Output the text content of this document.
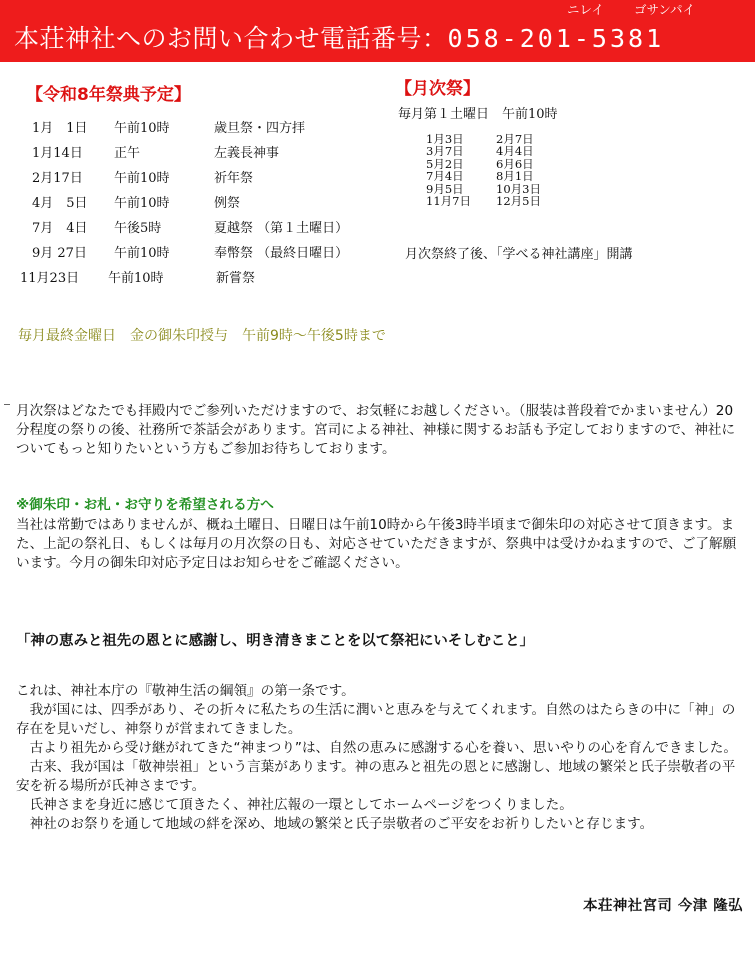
ニレイ ゴサンパイ
本荘神社へのお問い合わせ電話番号：058-201-5381
【令和8年祭典予定】
1月　1日 午前10時	歳旦祭・四方拝
1月14日 正午	左義長神事
2月17日 午前10時	祈年祭
4月　5日 午前10時	例祭
7月　4日 午後5時	夏越祭 （第１土曜日）
9月 27日 午前10時	奉幣祭 （最終日曜日）
11月23日 午前10時	新嘗祭
【月次祭】
毎月第１土曜日　午前10時
1月3日	2月7日
3月7日	4月4日
5月2日	6月6日
7月4日	8月1日
9月5日	10月3日
11月7日 12月5日
月次祭終了後、「学べる神社講座」開講
毎月最終金曜日　金の御朱印授与　午前9時～午後5時まで
月次祭はどなたでも拝殿内でご参列いただけますので、お気軽にお越しください。（服装は普段着でかまいません）20分程度の祭りの後、社務所で茶話会があります。宮司による神社、神様に関するお話も予定しておりますので、神社についてもっと知りたいという方もご参加お待ちしております。
※御朱印・お札・お守りを希望される方へ
当社は常勤ではありませんが、概ね土曜日、日曜日は午前10時から午後3時半頃まで御朱印の対応させて頂きます。また、上記の祭礼日、もしくは毎月の月次祭の日も、対応させていただきますが、祭典中は受けかねますので、ご了解願います。今月の御朱印対応予定日はお知らせをご確認ください。
「神の恵みと祖先の恩とに感謝し、明き清きまことを以て祭祀にいそしむこと」
これは、神社本庁の『敬神生活の綱領』の第一条です。
　我が国には、四季があり、その折々に私たちの生活に潤いと恵みを与えてくれます。自然のはたらきの中に「神」の存在を見いだし、神祭りが営まれてきました。
　古より祖先から受け継がれてきた“神まつり”は、自然の恵みに感謝する心を養い、思いやりの心を育んできました。
　古来、我が国は「敬神崇祖」という言葉があります。神の恵みと祖先の恩とに感謝し、地域の繁栄と氏子崇敬者の平安を祈る場所が氏神さまです。
　氏神さまを身近に感じて頂きたく、神社広報の一環としてホームページをつくりました。
　神社のお祭りを通して地域の絆を深め、地域の繁栄と氏子崇敬者のご平安をお祈りしたいと存じます。
本荘神社宮司 今津 隆弘
